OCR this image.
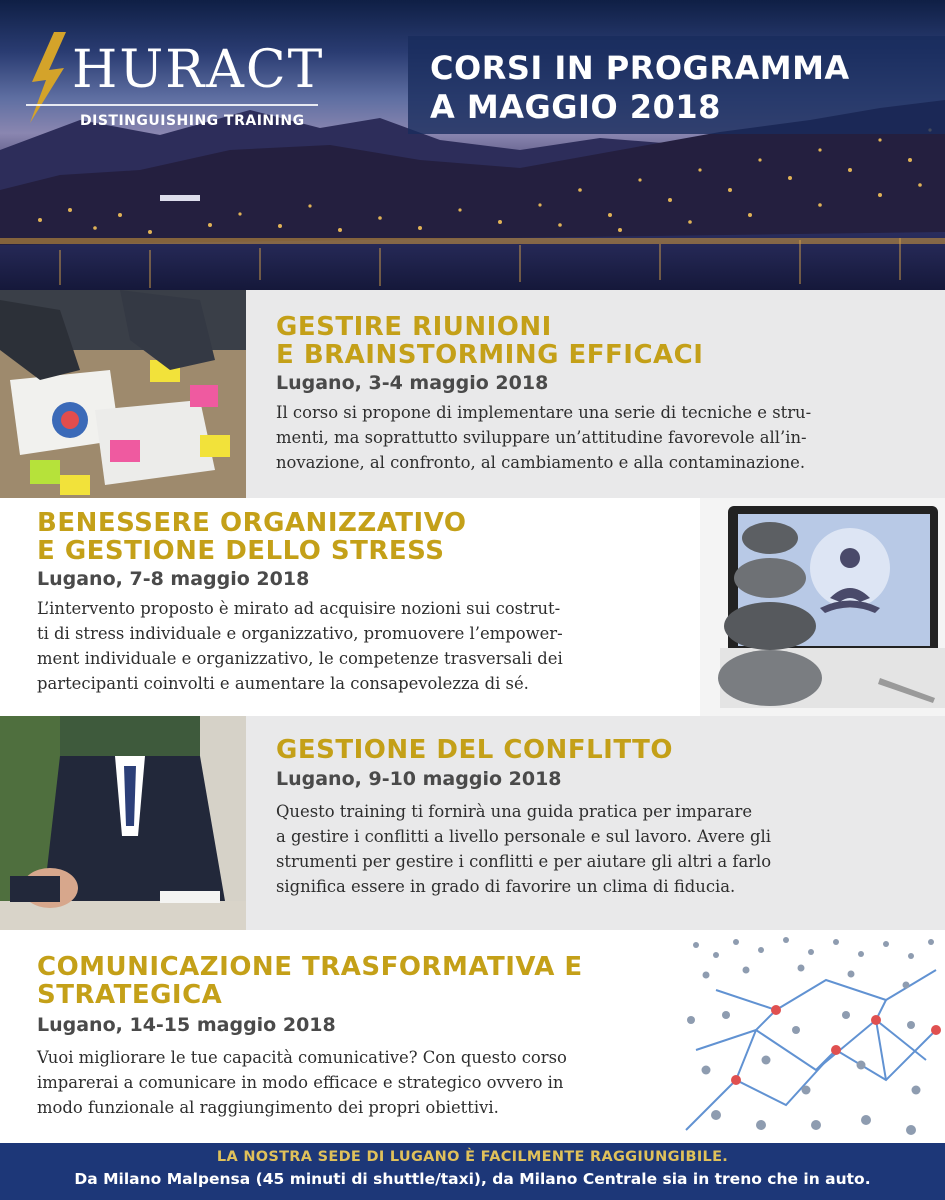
HURACT
DISTINGUISHING TRAINING
CORSI IN PROGRAMMA
A MAGGIO 2018
GESTIRE RIUNIONI
E BRAINSTORMING EFFICACI
Lugano, 3-4 maggio 2018
Il corso si propone di implementare una serie di tecniche e stru-
menti, ma soprattutto sviluppare un’attitudine favorevole all’in-
novazione, al confronto, al cambiamento e alla contaminazione.
BENESSERE ORGANIZZATIVO
E GESTIONE DELLO STRESS
Lugano, 7-8 maggio 2018
L’intervento proposto è mirato ad acquisire nozioni sui costrut-
ti di stress individuale e organizzativo, promuovere l’empower-
ment individuale e organizzativo, le competenze trasversali dei
partecipanti coinvolti e aumentare la consapevolezza di sé.
GESTIONE DEL CONFLITTO
Lugano, 9-10 maggio 2018
Questo training ti fornirà una guida pratica per imparare
a gestire i conflitti a livello personale e sul lavoro. Avere gli
strumenti per gestire i conflitti e per aiutare gli altri a farlo
significa essere in grado di favorire un clima di fiducia.
COMUNICAZIONE TRASFORMATIVA E
STRATEGICA
Lugano, 14-15 maggio 2018
Vuoi migliorare le tue capacità comunicative? Con questo corso
imparerai a comunicare in modo efficace e strategico ovvero in
modo funzionale al raggiungimento dei propri obiettivi.
LA NOSTRA SEDE DI LUGANO È FACILMENTE RAGGIUNGIBILE.
Da Milano Malpensa (45 minuti di shuttle/taxi), da Milano Centrale sia in treno che in auto.
